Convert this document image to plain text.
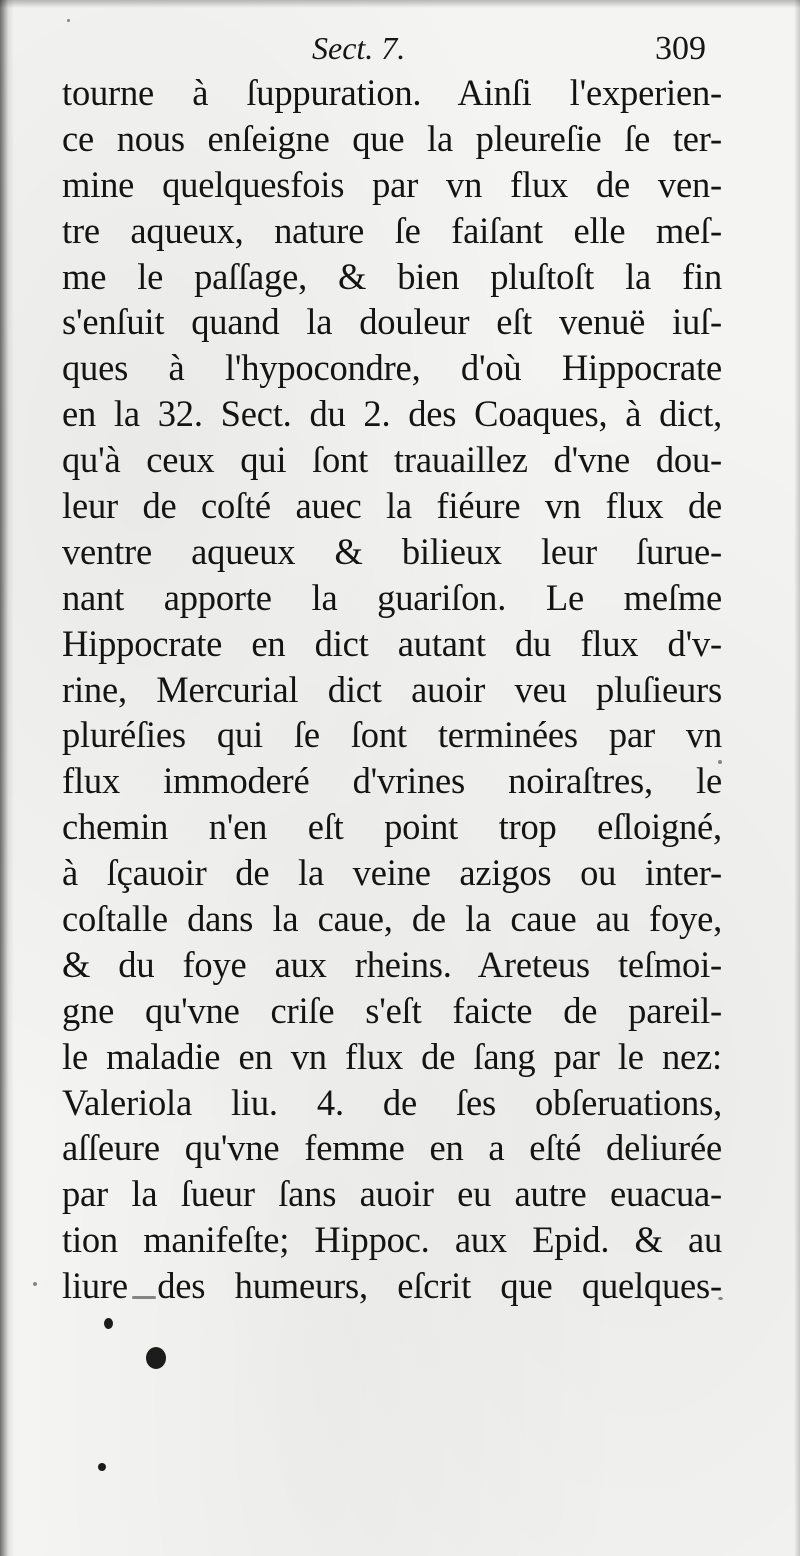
Sect. 7.	309
tourne à ſuppuration. Ainſi l'experien-
ce nous enſeigne que la pleureſie ſe ter-
mine quelquesfois par vn flux de ven-
tre aqueux, nature ſe faiſant elle meſ-
me le paſſage, & bien pluſtoſt la fin
s'enſuit quand la douleur eſt venuë iuſ-
ques à l'hypocondre, d'où Hippocrate
en la 32. Sect. du 2. des Coaques, à dict,
qu'à ceux qui ſont trauaillez d'vne dou-
leur de coſté auec la fiéure vn flux de
ventre aqueux & bilieux leur ſurue-
nant apporte la guariſon. Le meſme
Hippocrate en dict autant du flux d'v-
rine, Mercurial dict auoir veu pluſieurs
pluréſies qui ſe ſont terminées par vn
flux immoderé d'vrines noiraſtres, le
chemin n'en eſt point trop eſloigné,
à ſçauoir de la veine azigos ou inter-
coſtalle dans la caue, de la caue au foye,
& du foye aux rheins. Areteus teſmoi-
gne qu'vne criſe s'eſt faicte de pareil-
le maladie en vn flux de ſang par le nez:
Valeriola liu. 4. de ſes obſeruations,
aſſeure qu'vne femme en a eſté deliurée
par la ſueur ſans auoir eu autre euacua-
tion manifeſte; Hippoc. aux Epid. & au
liure des humeurs, eſcrit que quelques-
